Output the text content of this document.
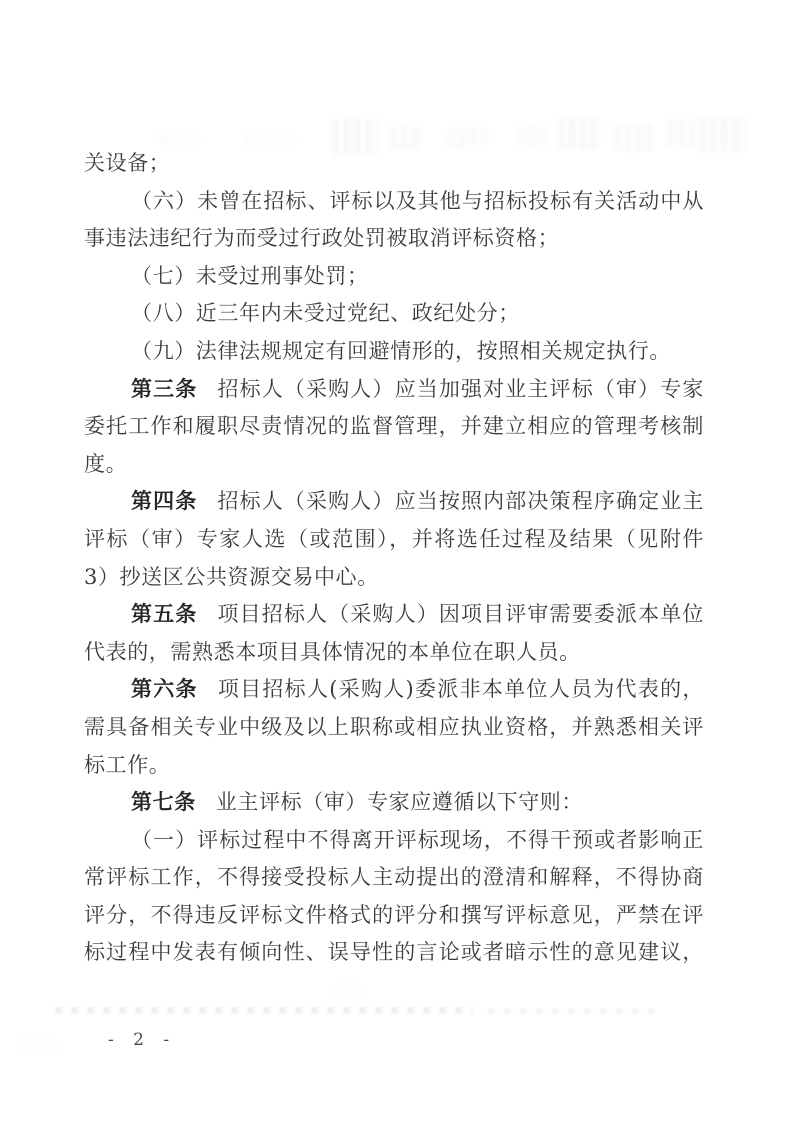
关设备；
（六）未曾在招标、评标以及其他与招标投标有关活动中从
事违法违纪行为而受过行政处罚被取消评标资格；
（七）未受过刑事处罚；
（八）近三年内未受过党纪、政纪处分；
（九）法律法规规定有回避情形的，按照相关规定执行。
第三条 招标人（采购人）应当加强对业主评标（审）专家
委托工作和履职尽责情况的监督管理，并建立相应的管理考核制
度。
第四条 招标人（采购人）应当按照内部决策程序确定业主
评标（审）专家人选（或范围），并将选任过程及结果（见附件
3）抄送区公共资源交易中心。
第五条 项目招标人（采购人）因项目评审需要委派本单位
代表的，需熟悉本项目具体情况的本单位在职人员。
第六条 项目招标人(采购人)委派非本单位人员为代表的，
需具备相关专业中级及以上职称或相应执业资格，并熟悉相关评
标工作。
第七条 业主评标（审）专家应遵循以下守则：
（一）评标过程中不得离开评标现场，不得干预或者影响正
常评标工作，不得接受投标人主动提出的澄清和解释，不得协商
评分，不得违反评标文件格式的评分和撰写评标意见，严禁在评
标过程中发表有倾向性、误导性的言论或者暗示性的意见建议，
- 2 -
